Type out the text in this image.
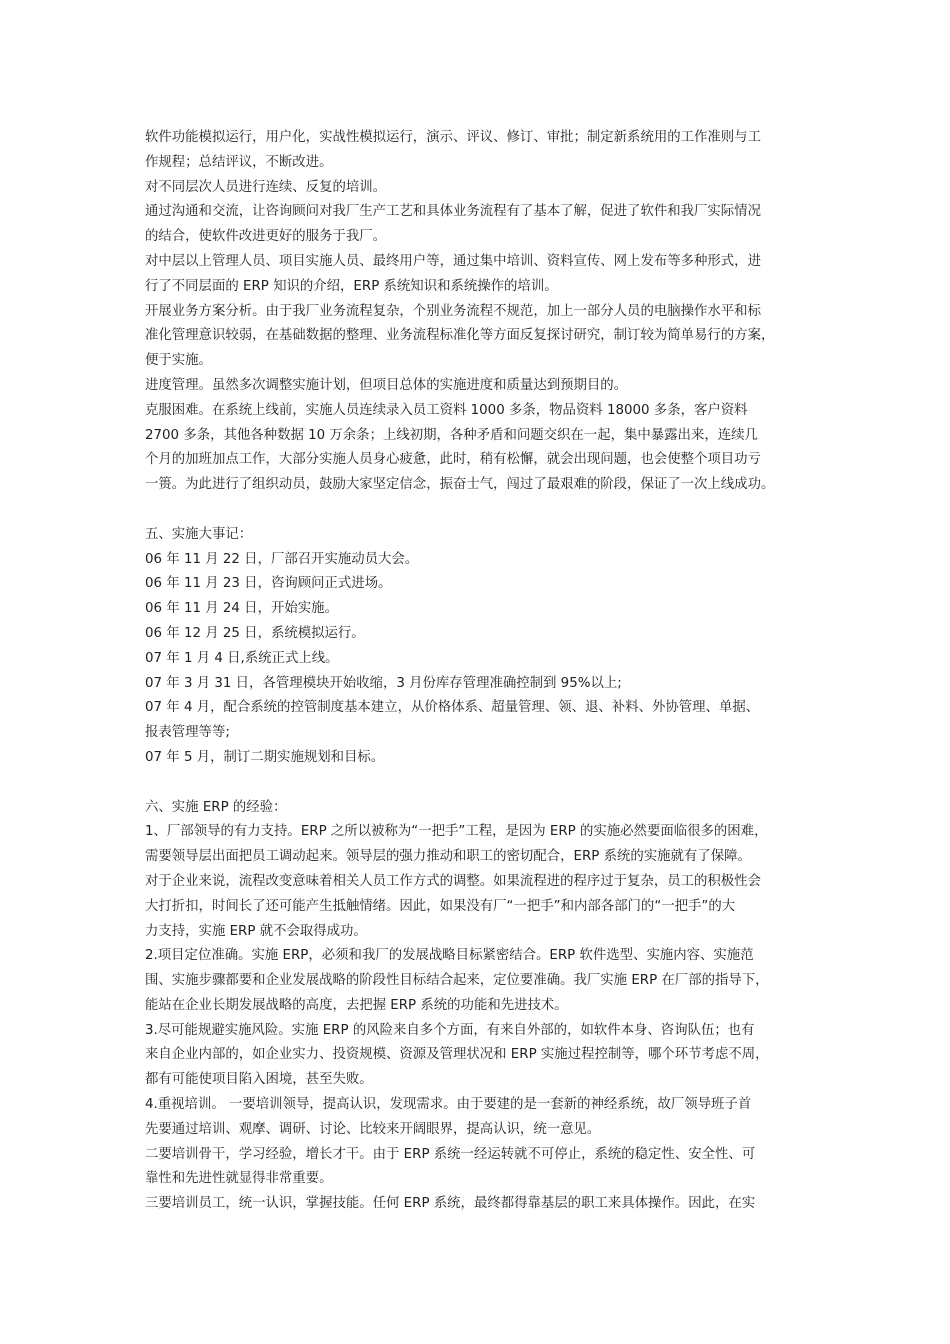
软件功能模拟运行，用户化，实战性模拟运行，演示、评议、修订、审批；制定新系统用的工作准则与工
作规程；总结评议，不断改进。
对不同层次人员进行连续、反复的培训。
通过沟通和交流，让咨询顾问对我厂生产工艺和具体业务流程有了基本了解，促进了软件和我厂实际情况
的结合，使软件改进更好的服务于我厂。
对中层以上管理人员、项目实施人员、最终用户等，通过集中培训、资料宣传、网上发布等多种形式，进
行了不同层面的 ERP 知识的介绍，ERP 系统知识和系统操作的培训。
开展业务方案分析。由于我厂业务流程复杂，个别业务流程不规范，加上一部分人员的电脑操作水平和标
准化管理意识较弱，在基础数据的整理、业务流程标准化等方面反复探讨研究，制订较为简单易行的方案，
便于实施。
进度管理。虽然多次调整实施计划，但项目总体的实施进度和质量达到预期目的。
克服困难。在系统上线前，实施人员连续录入员工资料 1000 多条，物品资料 18000 多条，客户资料
2700 多条，其他各种数据 10 万余条；上线初期，各种矛盾和问题交织在一起，集中暴露出来，连续几
个月的加班加点工作，大部分实施人员身心疲惫，此时，稍有松懈，就会出现问题，也会使整个项目功亏
一篑。为此进行了组织动员，鼓励大家坚定信念，振奋士气，闯过了最艰难的阶段，保证了一次上线成功。
五、实施大事记：
06 年 11 月 22 日，厂部召开实施动员大会。
06 年 11 月 23 日，咨询顾问正式进场。
06 年 11 月 24 日，开始实施。
06 年 12 月 25 日，系统模拟运行。
07 年 1 月 4 日,系统正式上线。
07 年 3 月 31 日，各管理模块开始收缩，3 月份库存管理准确控制到 95%以上;
07 年 4 月，配合系统的控管制度基本建立，从价格体系、超量管理、领、退、补料、外协管理、单据、
报表管理等等;
07 年 5 月，制订二期实施规划和目标。
六、实施 ERP 的经验：
1、厂部领导的有力支持。ERP 之所以被称为“一把手”工程，是因为 ERP 的实施必然要面临很多的困难，
需要领导层出面把员工调动起来。领导层的强力推动和职工的密切配合，ERP 系统的实施就有了保障。
对于企业来说，流程改变意味着相关人员工作方式的调整。如果流程进的程序过于复杂，员工的积极性会
大打折扣，时间长了还可能产生抵触情绪。因此，如果没有厂“一把手”和内部各部门的“一把手”的大
力支持，实施 ERP 就不会取得成功。
2.项目定位准确。实施 ERP，必须和我厂的发展战略目标紧密结合。ERP 软件选型、实施内容、实施范
围、实施步骤都要和企业发展战略的阶段性目标结合起来，定位要准确。我厂实施 ERP 在厂部的指导下，
能站在企业长期发展战略的高度，去把握 ERP 系统的功能和先进技术。
3.尽可能规避实施风险。实施 ERP 的风险来自多个方面，有来自外部的，如软件本身、咨询队伍；也有
来自企业内部的，如企业实力、投资规模、资源及管理状况和 ERP 实施过程控制等，哪个环节考虑不周，
都有可能使项目陷入困境，甚至失败。
4.重视培训。 一要培训领导，提高认识，发现需求。由于要建的是一套新的神经系统，故厂领导班子首
先要通过培训、观摩、调研、讨论、比较来开阔眼界，提高认识，统一意见。
二要培训骨干，学习经验，增长才干。由于 ERP 系统一经运转就不可停止，系统的稳定性、安全性、可
靠性和先进性就显得非常重要。
三要培训员工，统一认识，掌握技能。任何 ERP 系统，最终都得靠基层的职工来具体操作。因此，在实
